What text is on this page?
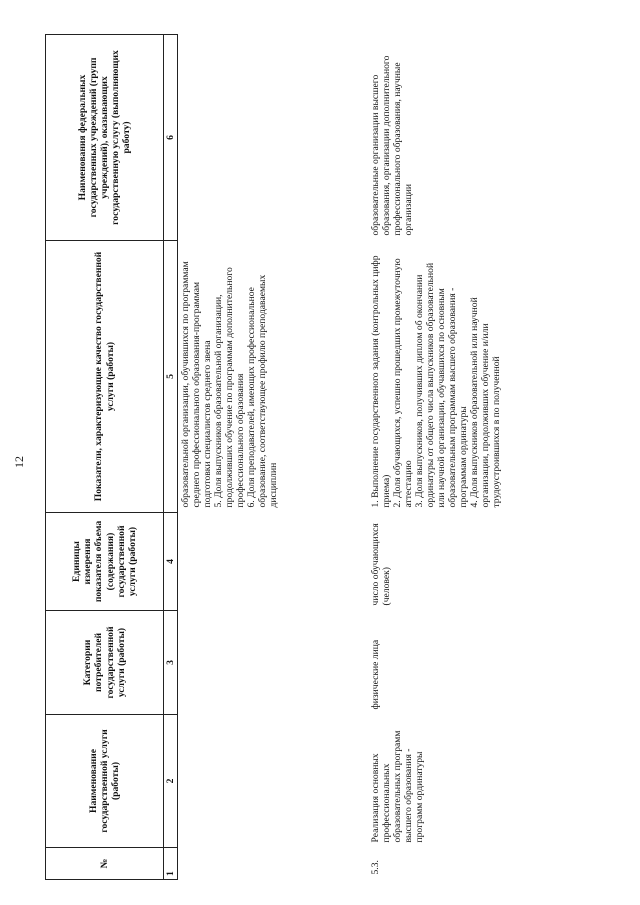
12
№	Наименование государственной услуги (работы)	Категории потребителей государственной услуги (работы)	Единицы измерения показателя объема (содержания) государственной услуги (работы)	Показатели, характеризующие качество государственной услуги (работы)	Наименования федеральных государственных учреждений (групп учреждений), оказывающих государственную услугу (выполняющих работу)
1	2	3	4	5	6
				образовательной организации, обучившихся по программам среднего профессионального образования-программам подготовки специалистов среднего звена
5. Доля выпускников образовательной организации, продолживших обучение по программам дополнительного профессионального образования
6. Доля преподавателей, имеющих профессиональное образование, соответствующее профилю преподаваемых дисциплин	
5.3.	Реализация основных профессиональных образовательных программ высшего образования - программ ординатуры	физические лица	число обучающихся (человек)	1. Выполнение государственного задания (контрольных цифр приема)
2. Доля обучающихся, успешно прошедших промежуточную аттестацию
3. Доля выпускников, получивших диплом об окончании ординатуры от общего числа выпускников образовательной или научной организации, обучавшихся по основным образовательным программам высшего образования - программам ординатуры
4. Доля выпускников образовательной или научной организации, продолживших обучение и/или трудоустроившихся в по полученной	образовательные организации высшего образования, организации дополнительного профессионального образования, научные организации
